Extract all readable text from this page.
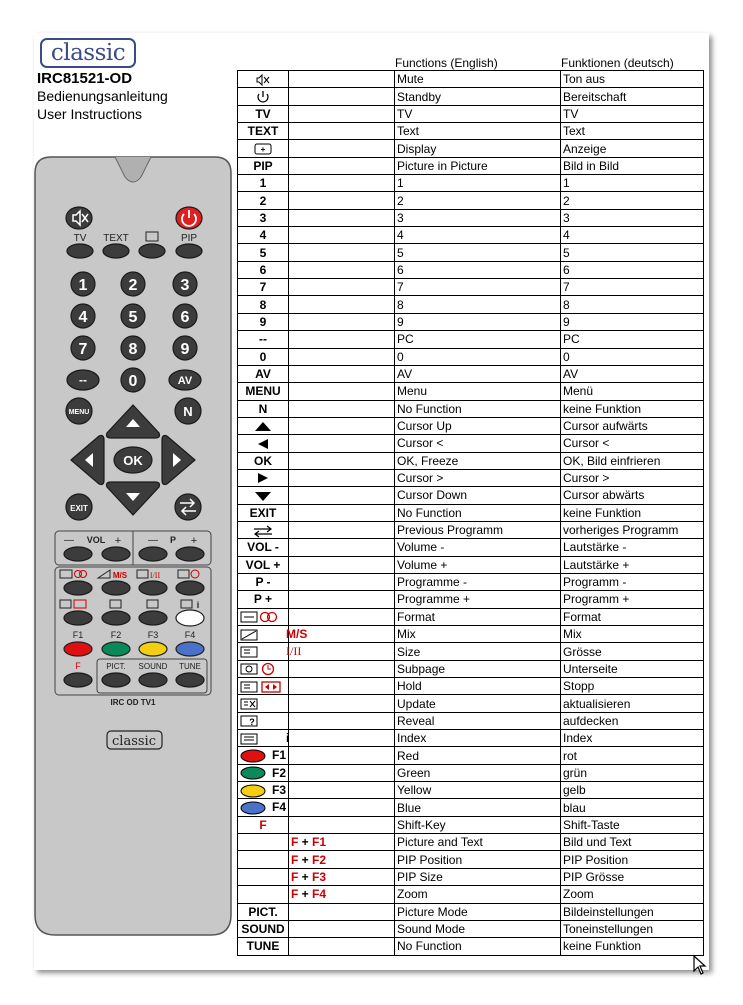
classic
IRC81521-OD
Bedienungsanleitung
User Instructions
TV TEXT	PIP
1	2	3
4	5	6
7	8	9
--	0	AV
MENU	N
OK
EXIT
— VOL +	— P +
M/S	I/II
i
F1	F2	F3	F4
F	PICT. SOUND TUNE
IRC OD TV1
classic
Functions (English)	Funktionen (deutsch)
		Mute	Ton aus
		Standby	Bereitschaft
TV		TV	TV
TEXT		Text	Text

+		Display	Anzeige
PIP		Picture in Picture	Bild in Bild
1		1	1
2		2	2
3		3	3
4		4	4
5		5	5
6		6	6
7		7	7
8		8	8
9		9	9
--		PC	PC
0		0	0
AV		AV	AV
MENU		Menu	Menü
N		No Function	keine Funktion
		Cursor Up	Cursor aufwärts
		Cursor <	Cursor <
OK		OK, Freeze	OK, Bild einfrieren
		Cursor >	Cursor >
		Cursor Down	Cursor abwärts
EXIT		No Function	keine Funktion
		Previous Programm	vorheriges Programm
VOL -		Volume -	Lautstärke -
VOL +		Volume +	Lautstärke +
P -		Programme -	Programm -
P +		Programme +	Programm +
		Format	Format
M/S		Mix	Mix
I/II		Size	Grösse
		Subpage	Unterseite
		Hold	Stopp
		Update	aktualisieren

?		Reveal	aufdecken
i		Index	Index
F1		Red	rot
F2		Green	grün
F3		Yellow	gelb
F4		Blue	blau
F		Shift-Key	Shift-Taste
	F + F1	Picture and Text	Bild und Text
	F + F2	PIP Position	PIP Position
	F + F3	PIP Size	PIP Grösse
	F + F4	Zoom	Zoom
PICT.		Picture Mode	Bildeinstellungen
SOUND		Sound Mode	Toneinstellungen
TUNE		No Function	keine Funktion
